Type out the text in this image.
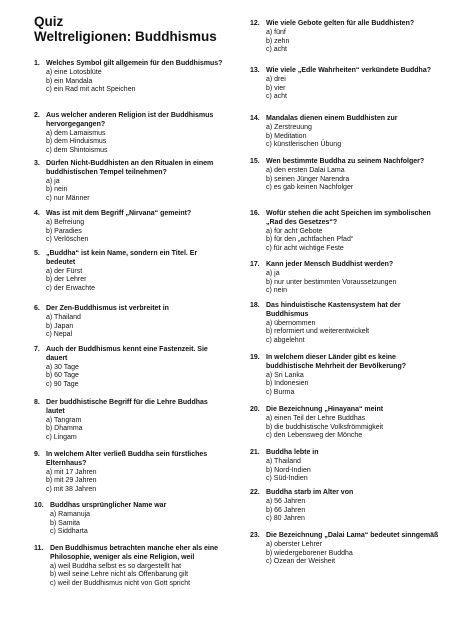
Quiz
Weltreligionen: Buddhismus
1. Welches Symbol gilt allgemein für den Buddhismus?
a) eine Lotosblüte
b) ein Mandala
c) ein Rad mit acht Speichen
2. Aus welcher anderen Religion ist der Buddhismus hervorgegangen?
a) dem Lamaismus
b) dem Hinduismus
c) dem Shintoismus
3. Dürfen Nicht-Buddhisten an den Ritualen in einem buddhistischen Tempel teilnehmen?
a) ja
b) nein
c) nur Männer
4. Was ist mit dem Begriff „Nirvana“ gemeint?
a) Befreiung
b) Paradies
c) Verlöschen
5. „Buddha“ ist kein Name, sondern ein Titel. Er bedeutet
a) der Fürst
b) der Lehrer
c) der Erwachte
6. Der Zen-Buddhismus ist verbreitet in
a) Thailand
b) Japan
c) Nepal
7. Auch der Buddhismus kennt eine Fastenzeit. Sie dauert
a) 30 Tage
b) 60 Tage
c) 90 Tage
8. Der buddhistische Begriff für die Lehre Buddhas lautet
a) Tangram
b) Dhamma
c) Lingam
9. In welchem Alter verließ Buddha sein fürstliches Elternhaus?
a) mit 17 Jahren
b) mit 29 Jahren
c) mit 38 Jahren
10. Buddhas ursprünglicher Name war
a) Ramanuja
b) Samita
c) Siddharta
11. Den Buddhismus betrachten manche eher als eine Philosophie, weniger als eine Religion, weil
a) weil Buddha selbst es so dargestellt hat
b) weil seine Lehre nicht als Offenbarung gilt
c) weil der Buddhismus nicht von Gott spricht
12. Wie viele Gebote gelten für alle Buddhisten?
a) fünf
b) zehn
c) acht
13. Wie viele „Edle Wahrheiten“ verkündete Buddha?
a) drei
b) vier
c) acht
14. Mandalas dienen einem Buddhisten zur
a) Zerstreuung
b) Meditation
c) künstlerischen Übung
15. Wen bestimmte Buddha zu seinem Nachfolger?
a) den ersten Dalai Lama
b) seinen Jünger Narendra
c) es gab keinen Nachfolger
16. Wofür stehen die acht Speichen im symbolischen „Rad des Gesetzes“?
a) für acht Gebote
b) für den „achtfachen Pfad“
c) für acht wichtige Feste
17. Kann jeder Mensch Buddhist werden?
a) ja
b) nur unter bestimmten Voraussetzungen
c) nein
18. Das hinduistische Kastensystem hat der Buddhismus
a) übernommen
b) reformiert und weiterentwickelt
c) abgelehnt
19. In welchem dieser Länder gibt es keine buddhistische Mehrheit der Bevölkerung?
a) Sri Lanka
b) Indonesien
c) Burma
20. Die Bezeichnung „Hinayana“ meint
a) einen Teil der Lehre Buddhas
b) die buddhistische Volksfrömmigkeit
c) den Lebensweg der Mönche
21. Buddha lebte in
a) Thailand
b) Nord-Indien
c) Süd-Indien
22. Buddha starb im Alter von
a) 56 Jahren
b) 66 Jahren
c) 80 Jahren
23. Die Bezeichnung „Dalai Lama“ bedeutet sinngemäß
a) oberster Lehrer
b) wiedergeborener Buddha
c) Ozean der Weisheit
